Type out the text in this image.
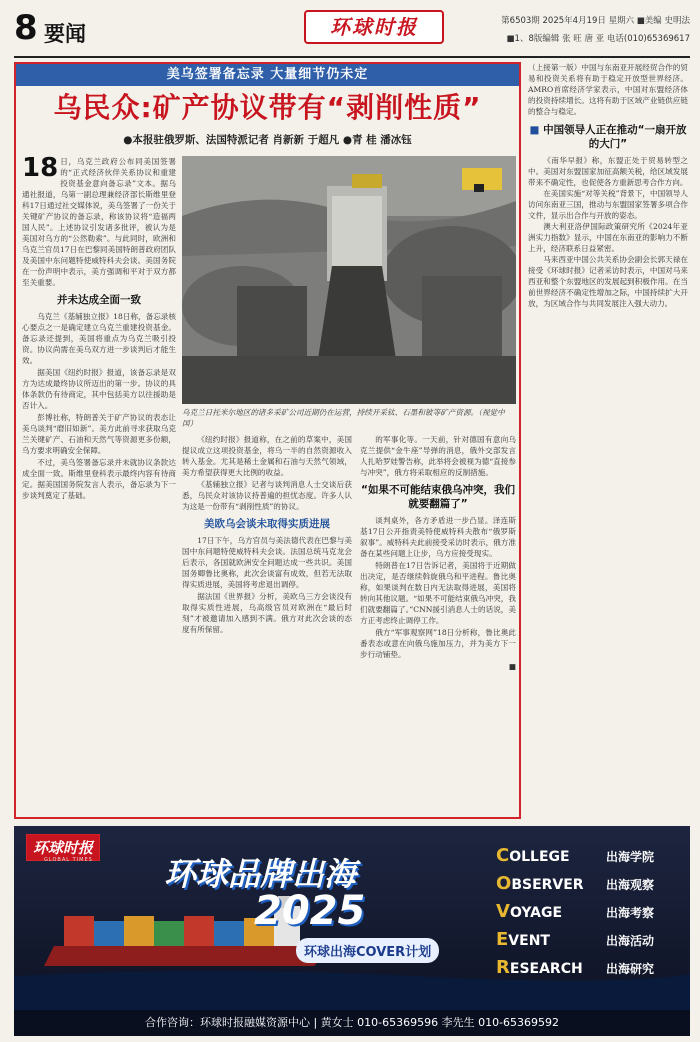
8 要闻	环球时报	第6503期 2025年4月19日 星期六 ■美编 史明法
■1、8版编辑 张 旺 唐 亚 电话(010)65369617
美乌签署备忘录 大量细节仍未定
乌民众:矿产协议带有“剥削性质”
●本报驻俄罗斯、法国特派记者 肖新新 于超凡 ●青 桂 潘冰钰

18 日，乌克兰政府公布同美国签署的“正式经济伙伴关系协议和重建投资基金意向备忘录”文本。据乌通社报道，乌第一副总理兼经济部长斯维里登科17日通过社交媒体说，美乌签署了一份关于关键矿产协议的备忘录，称该协议将“造福两国人民”。上述协议引发诸多批评，被认为是美国对乌方的“公然勒索”。与此同时，欧洲和乌克兰官员17日在巴黎同美国特朗普政府团队及美国中东问题特使威特科夫会谈。美国务院在一份声明中表示，美方强调和平对于双方都至关重要。

并未达成全面一致

乌克兰《基辅独立报》18日称，备忘录核心要点之一是确定建立乌克兰重建投资基金。备忘录还提到，美国将重点为乌克兰吸引投资。协议尚需在美乌双方进一步谈判后才能生效。

据美国《纽约时报》报道，该备忘录是双方为达成最终协议所迈出的第一步。协议的具体条款仍有待商定，其中包括美方以往援助是否计入。

彭博社称，特朗普关于矿产协议的表态让美乌谈判“磨旧如新”。美方此前寻求获取乌克兰关键矿产、石油和天然气等资源更多份额，乌方要求明确安全保障。

不过，美乌签署备忘录并未就协议条款达成全面一致。斯维里登科表示最终内容有待商定。据美国国务院发言人表示，备忘录为下一步谈判奠定了基础。

乌克兰日托米尔地区的诸多采矿公司近期仍在运营，持续开采钛、石墨和铍等矿产资源。（视觉中国）

《纽约时报》报道称，在之前的草案中，美国提议成立这项投资基金，将乌一半的自然资源收入转入基金。尤其是稀土金属和石油与天然气领域，美方希望获得更大比例的收益。

《基辅独立报》记者与谈判消息人士交谈后获悉，乌民众对该协议持普遍的担忧态度。许多人认为这是一份带有“剥削性质”的协议。

美欧乌会谈未取得实质进展

17日下午，乌方官员与美法德代表在巴黎与美国中东问题特使威特科夫会谈。法国总统马克龙会后表示，各国就欧洲安全问题达成一些共识。美国国务卿鲁比奥称，此次会谈富有成效，但若无法取得实质进展，美国将考虑退出调停。

据法国《世界报》分析，美欧乌三方会谈没有取得实质性进展，乌高级官员对欧洲在“最后时刻”才被邀请加入感到不满。俄方对此次会谈的态度有所保留。

的军事化等。一天前，针对德国有意向乌克兰提供“金牛座”导弹的消息，俄外交部发言人扎哈罗娃警告称，此举将会被视为德“直接参与冲突”，俄方将采取相应的反制措施。

“如果不可能结束俄乌冲突，我们就要翻篇了”

谈判桌外，各方矛盾进一步凸显。泽连斯基17日公开指责美特使威特科夫散布“俄罗斯叙事”。威特科夫此前接受采访时表示，俄方准备在某些问题上让步，乌方应接受现实。

特朗普在17日告诉记者，美国将于近期做出决定，是否继续斡旋俄乌和平进程。鲁比奥称，如果谈判在数日内无法取得进展，美国将转向其他议题。“如果不可能结束俄乌冲突，我们就要翻篇了。”CNN援引消息人士的话说，美方正考虑终止调停工作。

俄方“军事观察网”18日分析称，鲁比奥此番表态或意在向俄乌施加压力，并为美方下一步行动铺垫。

■

（上接第一版）中国与东南亚开展经贸合作的贸易和投资关系将有助于稳定开放型世界经济。AMRO首席经济学家表示，中国对东盟经济体的投资持续增长。这将有助于区域产业链供应链的整合与稳定。

■ 中国领导人正在推动“一扇开放的大门”

《南华早报》称，东盟正处于贸易转型之中。美国对东盟国家加征高额关税，给区域发展带来不确定性，也促使各方重新思考合作方向。

在美国实施“对等关税”背景下，中国领导人访问东南亚三国，推动与东盟国家签署多项合作文件，显示出合作与开放的姿态。

澳大利亚洛伊国际政策研究所《2024年亚洲实力指数》显示，中国在东南亚的影响力不断上升，经济联系日益紧密。

马来西亚中国公共关系协会副会长郭天禄在接受《环球时报》记者采访时表示，中国对马来西亚和整个东盟地区的发展起到积极作用。在当前世界经济不确定性增加之际，中国持续扩大开放，为区域合作与共同发展注入强大动力。

环球时报
GLOBAL TIMES 环球品牌出海
2025
环球出海COVER计划
COLLEGE	出海学院
OBSERVER 出海观察
VOYAGE	出海考察
EVENT	出海活动
RESEARCH 出海研究
合作咨询：环球时报融媒资源中心 | 黄女士 010-65369596 李先生 010-65369592
